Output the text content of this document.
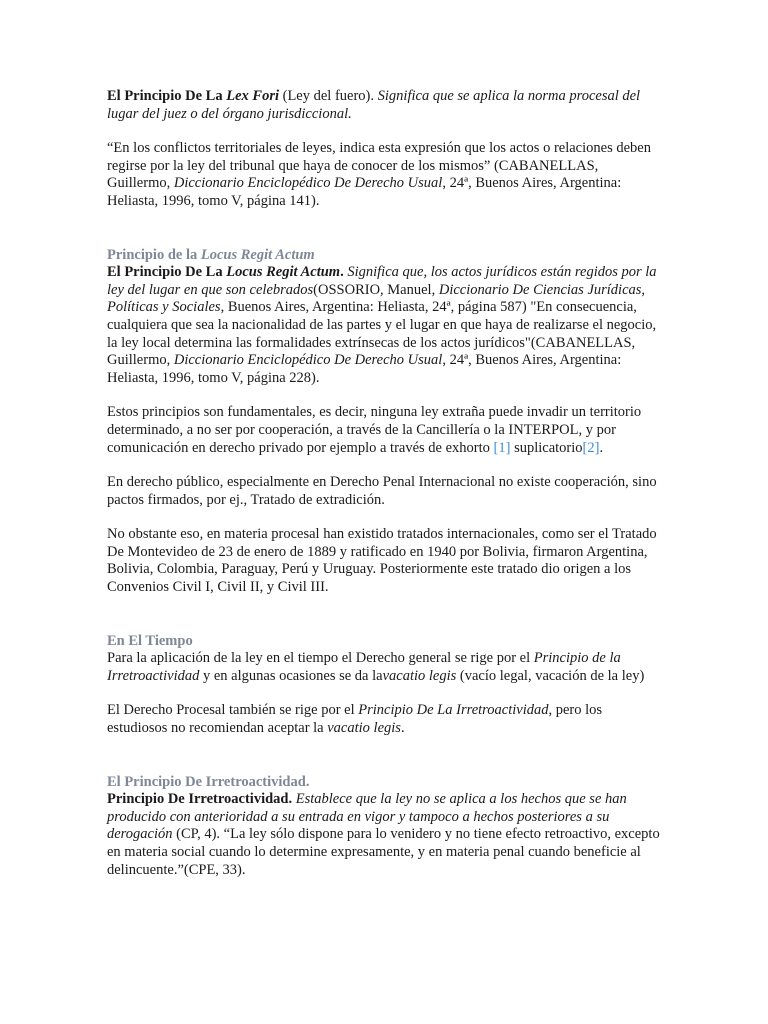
El Principio De La Lex Fori (Ley del fuero). Significa que se aplica la norma procesal del lugar del juez o del órgano jurisdiccional.

“En los conflictos territoriales de leyes, indica esta expresión que los actos o relaciones deben regirse por la ley del tribunal que haya de conocer de los mismos” (CABANELLAS, Guillermo, Diccionario Enciclopédico De Derecho Usual, 24ª, Buenos Aires, Argentina: Heliasta, 1996, tomo V, página 141).

Principio de la Locus Regit Actum

El Principio De La Locus Regit Actum. Significa que, los actos jurídicos están regidos por la ley del lugar en que son celebrados(OSSORIO, Manuel, Diccionario De Ciencias Jurídicas, Políticas y Sociales, Buenos Aires, Argentina: Heliasta, 24ª, página 587) "En consecuencia, cualquiera que sea la nacionalidad de las partes y el lugar en que haya de realizarse el negocio, la ley local determina las formalidades extrínsecas de los actos jurídicos"(CABANELLAS, Guillermo, Diccionario Enciclopédico De Derecho Usual, 24ª, Buenos Aires, Argentina: Heliasta, 1996, tomo V, página 228).

Estos principios son fundamentales, es decir, ninguna ley extraña puede invadir un territorio determinado, a no ser por cooperación, a través de la Cancillería o la INTERPOL, y por comunicación en derecho privado por ejemplo a través de exhorto [1] suplicatorio[2].

En derecho público, especialmente en Derecho Penal Internacional no existe cooperación, sino pactos firmados, por ej., Tratado de extradición.

No obstante eso, en materia procesal han existido tratados internacionales, como ser el Tratado De Montevideo de 23 de enero de 1889 y ratificado en 1940 por Bolivia, firmaron Argentina, Bolivia, Colombia, Paraguay, Perú y Uruguay. Posteriormente este tratado dio origen a los Convenios Civil I, Civil II, y Civil III.

En El Tiempo

Para la aplicación de la ley en el tiempo el Derecho general se rige por el Principio de la Irretroactividad y en algunas ocasiones se da lavacatio legis (vacío legal, vacación de la ley)

El Derecho Procesal también se rige por el Principio De La Irretroactividad, pero los estudiosos no recomiendan aceptar la vacatio legis.

El Principio De Irretroactividad.

Principio De Irretroactividad. Establece que la ley no se aplica a los hechos que se han producido con anterioridad a su entrada en vigor y tampoco a hechos posteriores a su derogación (CP, 4). “La ley sólo dispone para lo venidero y no tiene efecto retroactivo, excepto en materia social cuando lo determine expresamente, y en materia penal cuando beneficie al delincuente.”(CPE, 33).
